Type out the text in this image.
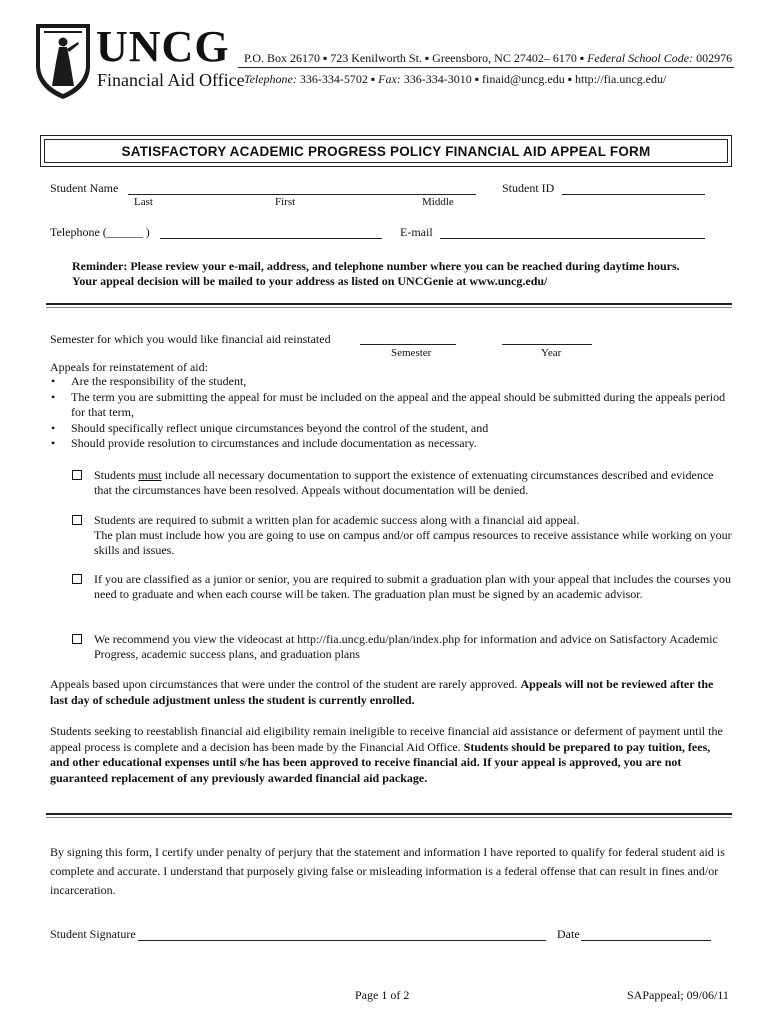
UNCG
Financial Aid Office
P.O. Box 26170 ▪ 723 Kenilworth St. ▪ Greensboro, NC 27402– 6170 ▪ Federal School Code: 002976
Telephone: 336-334-5702 ▪ Fax: 336-334-3010 ▪ finaid@uncg.edu ▪ http://fia.uncg.edu/
SATISFACTORY ACADEMIC PROGRESS POLICY FINANCIAL AID APPEAL FORM
Student Name
Last	First	Middle
Student ID
Telephone (______ )	E-mail
Reminder: Please review your e-mail, address, and telephone number where you can be reached during daytime hours.
Your appeal decision will be mailed to your address as listed on UNCGenie at www.uncg.edu/
Semester for which you would like financial aid reinstated
Semester	Year
Appeals for reinstatement of aid:
• Are the responsibility of the student,
• The term you are submitting the appeal for must be included on the appeal and the appeal should be submitted during the appeals period for that term,
• Should specifically reflect unique circumstances beyond the control of the student, and
• Should provide resolution to circumstances and include documentation as necessary.
Students must include all necessary documentation to support the existence of extenuating circumstances described and evidence that the circumstances have been resolved. Appeals without documentation will be denied.
Students are required to submit a written plan for academic success along with a financial aid appeal.
The plan must include how you are going to use on campus and/or off campus resources to receive assistance while working on your skills and issues.
If you are classified as a junior or senior, you are required to submit a graduation plan with your appeal that includes the courses you need to graduate and when each course will be taken. The graduation plan must be signed by an academic advisor.
We recommend you view the videocast at http://fia.uncg.edu/plan/index.php for information and advice on Satisfactory Academic Progress, academic success plans, and graduation plans
Appeals based upon circumstances that were under the control of the student are rarely approved. Appeals will not be reviewed after the last day of schedule adjustment unless the student is currently enrolled.
Students seeking to reestablish financial aid eligibility remain ineligible to receive financial aid assistance or deferment of payment until the appeal process is complete and a decision has been made by the Financial Aid Office. Students should be prepared to pay tuition, fees, and other educational expenses until s/he has been approved to receive financial aid. If your appeal is approved, you are not guaranteed replacement of any previously awarded financial aid package.
By signing this form, I certify under penalty of perjury that the statement and information I have reported to qualify for federal student aid is complete and accurate. I understand that purposely giving false or misleading information is a federal offense that can result in fines and/or incarceration.
Student Signature	Date
Page 1 of 2	SAPappeal; 09/06/11
